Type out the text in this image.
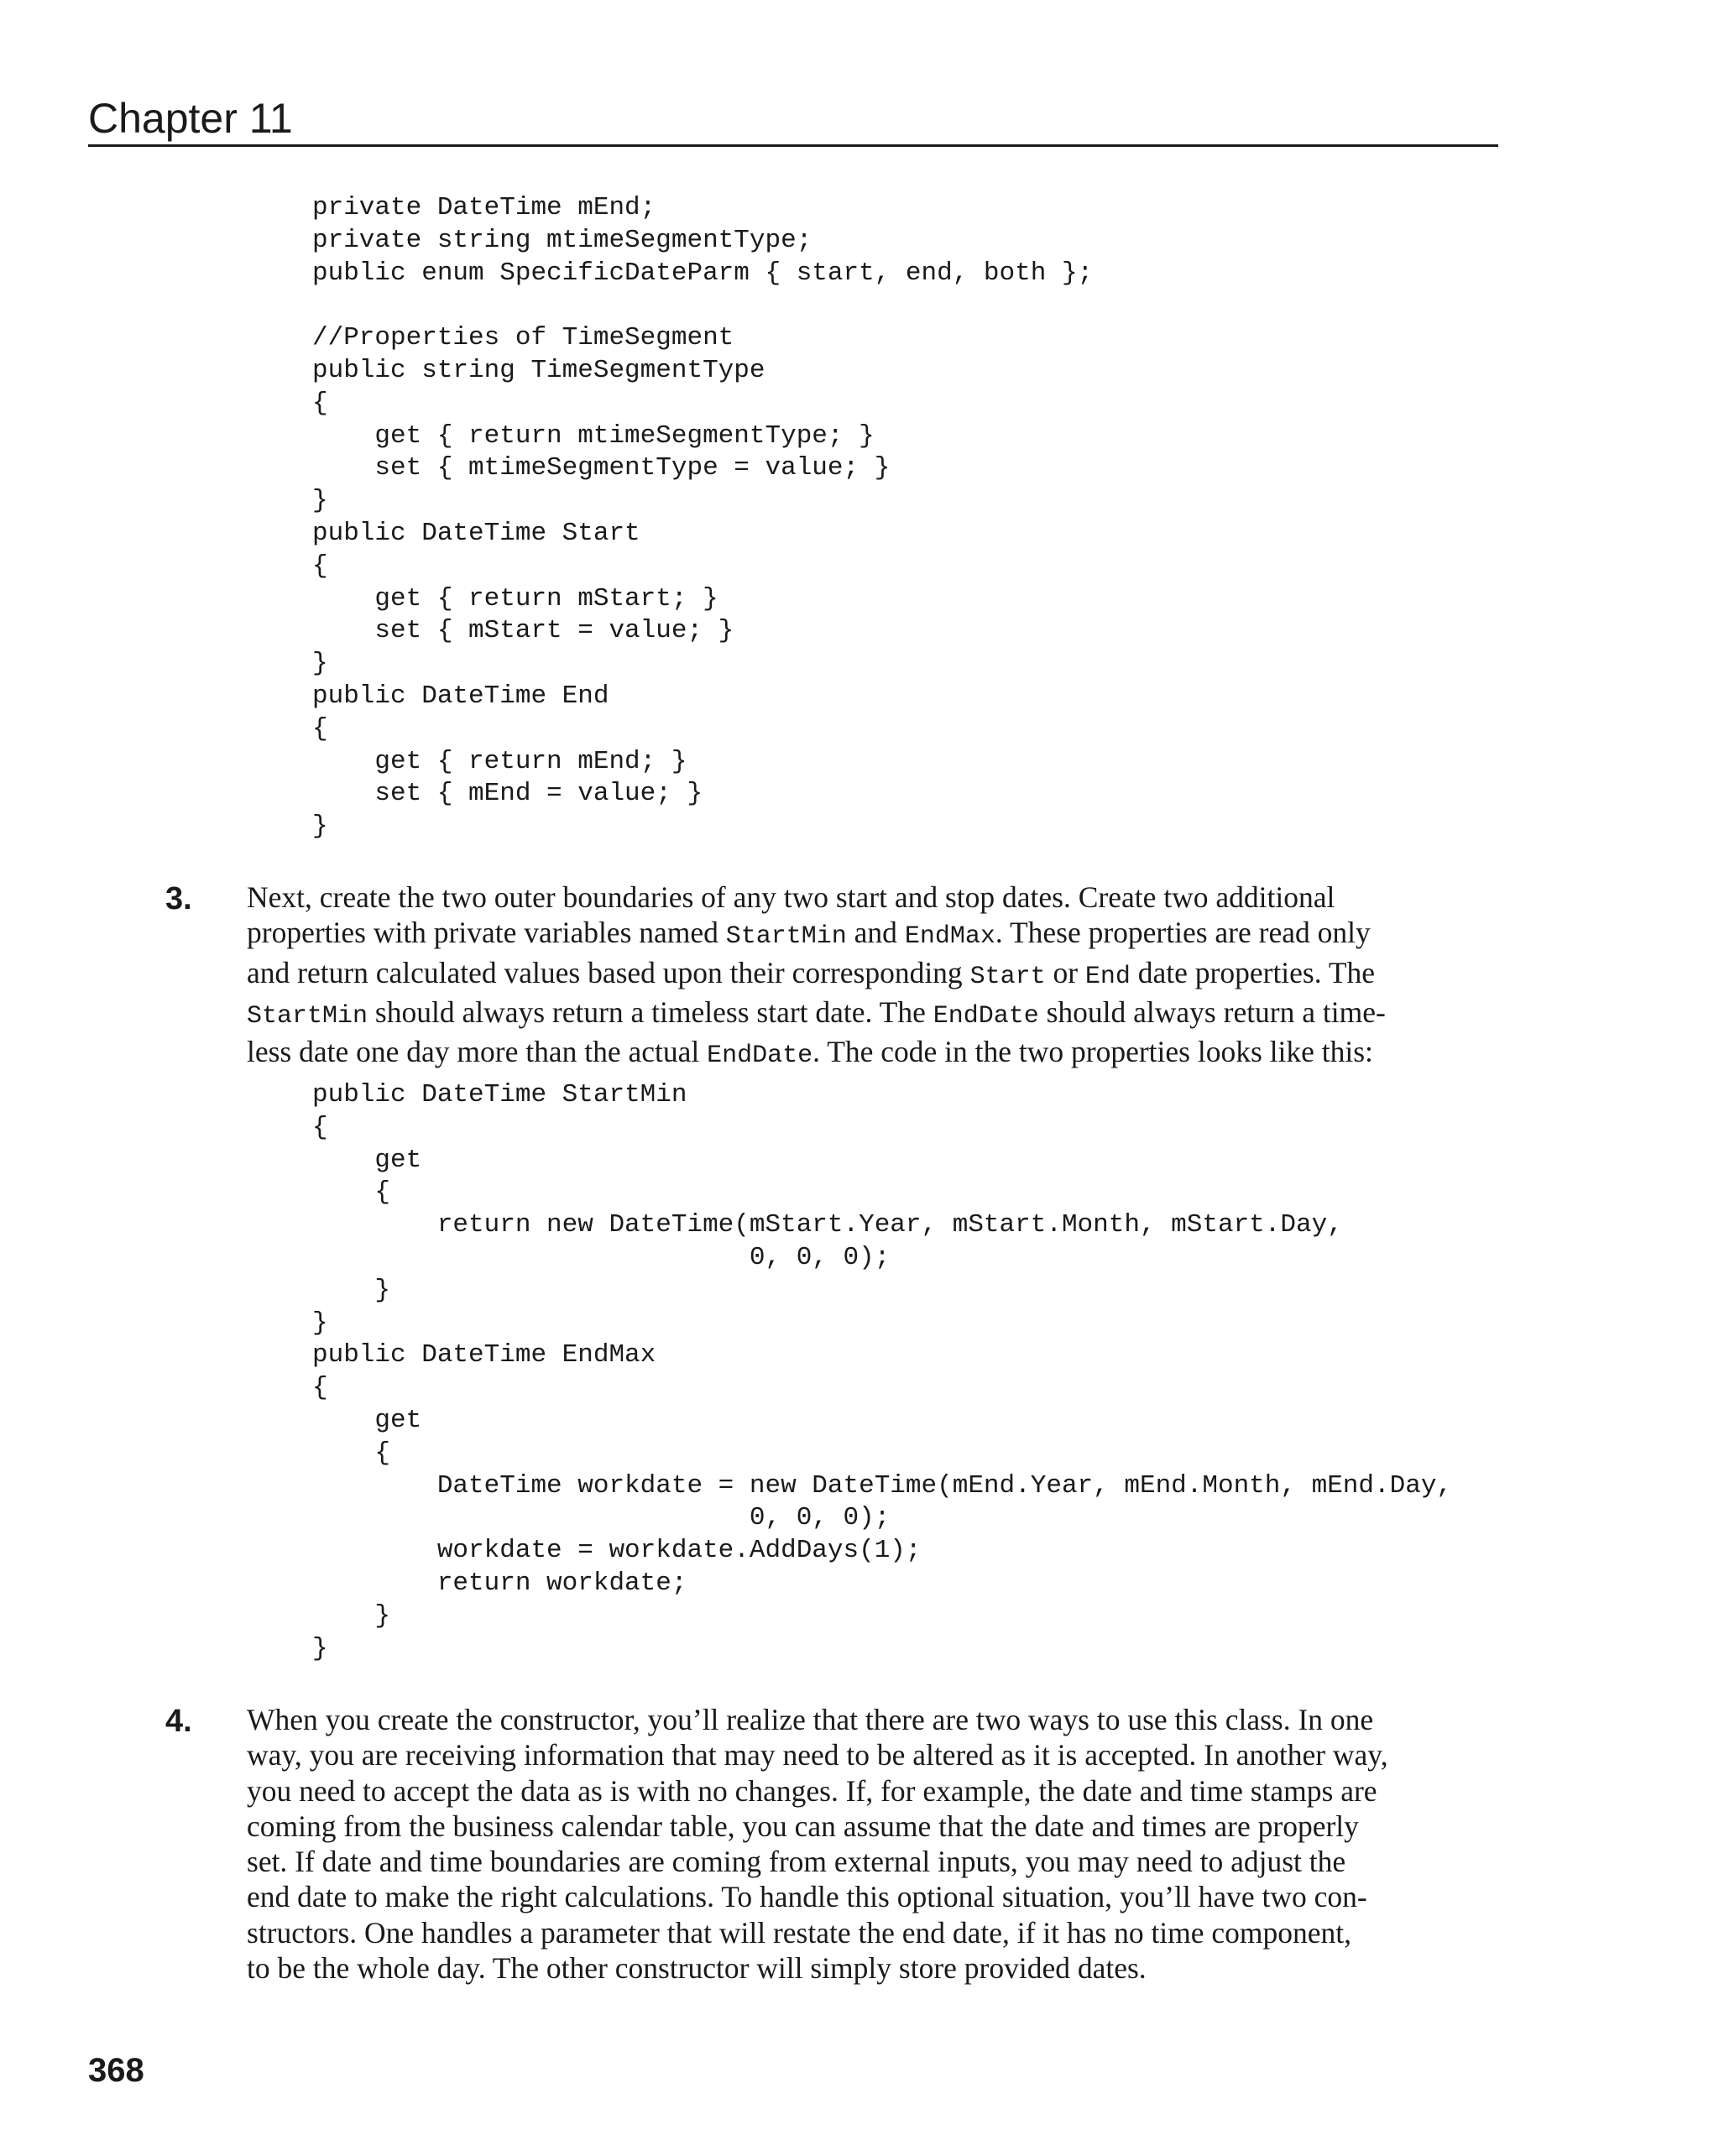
Chapter 11
private DateTime mEnd;
private string mtimeSegmentType;
public enum SpecificDateParm { start, end, both };
//Properties of TimeSegment
public string TimeSegmentType
{
get { return mtimeSegmentType; }
set { mtimeSegmentType = value; }
}
public DateTime Start
{
get { return mStart; }
set { mStart = value; }
}
public DateTime End
{
get { return mEnd; }
set { mEnd = value; }
}
3. Next, create the two outer boundaries of any two start and stop dates. Create two additional
properties with private variables named StartMin and EndMax. These properties are read only
and return calculated values based upon their corresponding Start or End date properties. The
StartMin should always return a timeless start date. The EndDate should always return a time-
less date one day more than the actual EndDate. The code in the two properties looks like this:

public DateTime StartMin
{
get
{
return new DateTime(mStart.Year, mStart.Month, mStart.Day,
0, 0, 0);
}
}
public DateTime EndMax
{
get
{
DateTime workdate = new DateTime(mEnd.Year, mEnd.Month, mEnd.Day,
0, 0, 0);
workdate = workdate.AddDays(1);
return workdate;
}
}
4. When you create the constructor, you’ll realize that there are two ways to use this class. In one
way, you are receiving information that may need to be altered as it is accepted. In another way,
you need to accept the data as is with no changes. If, for example, the date and time stamps are
coming from the business calendar table, you can assume that the date and times are properly
set. If date and time boundaries are coming from external inputs, you may need to adjust the
end date to make the right calculations. To handle this optional situation, you’ll have two con-
structors. One handles a parameter that will restate the end date, if it has no time component,
to be the whole day. The other constructor will simply store provided dates.

368
